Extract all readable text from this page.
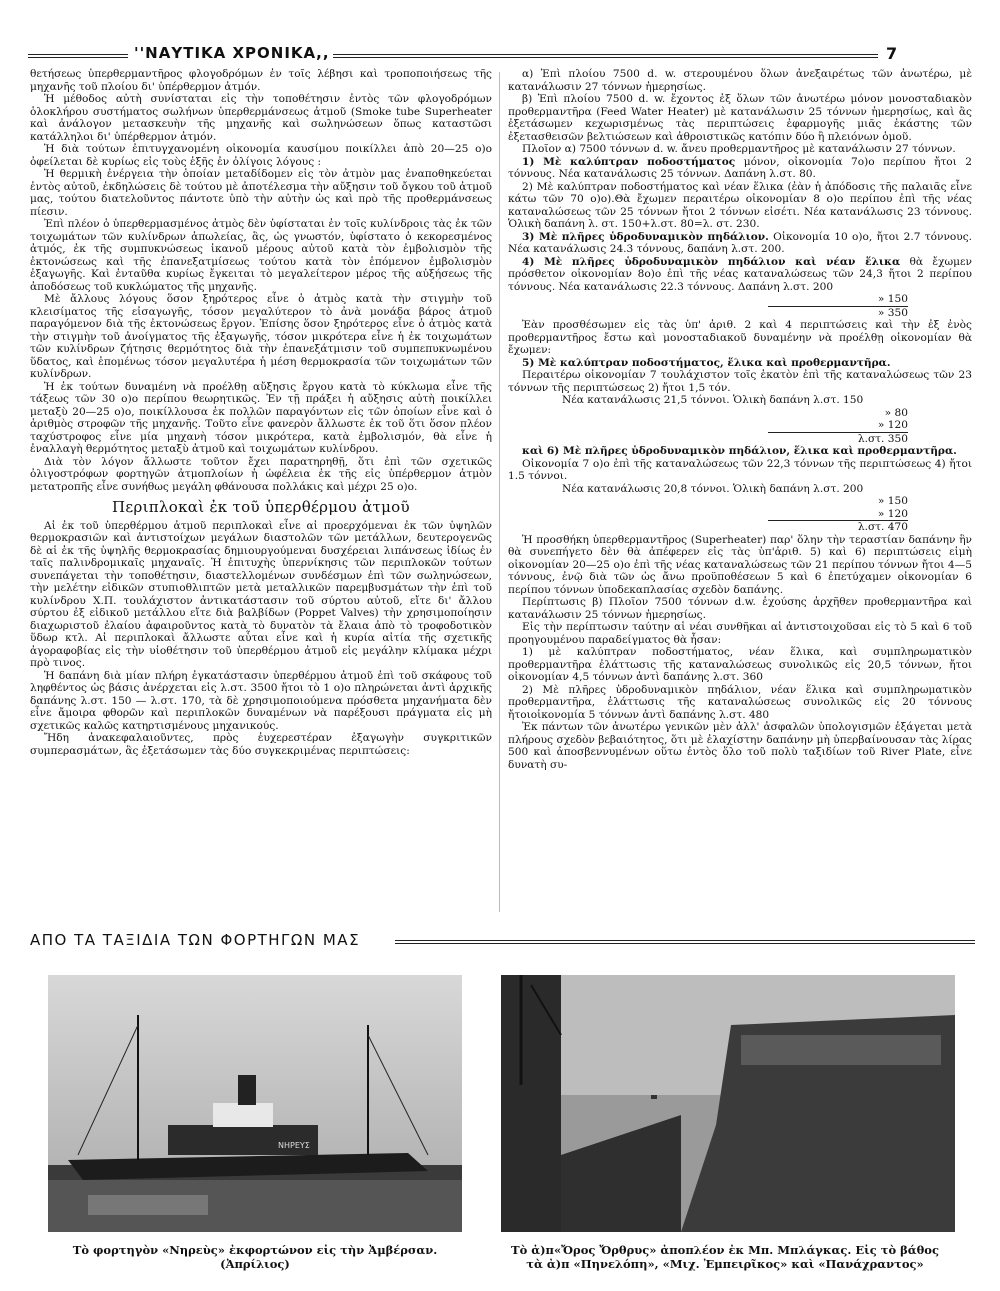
''ΝΑΥΤΙΚΑ ΧΡΟΝΙΚΑ,,	7

θετήσεως ὑπερθερμαντῆρος φλογοδρόμων ἐν τοῖς λέβησι καὶ τροποποιήσεως τῆς μηχανῆς τοῦ πλοίου δι' ὑπέρθερμον ἀτμόν.

Ἡ μέθοδος αὐτὴ συνίσταται εἰς τὴν τοποθέτησιν ἐντὸς τῶν φλογοδρόμων ὁλοκλήρου συστήματος σωλήνων ὑπερθερμάνσεως ἀτμοῦ (Smoke tube Superheater καὶ ἀνάλογον μετασκευὴν τῆς μηχανῆς καὶ σωληνώσεων ὅπως καταστῶσι κατάλληλοι δι' ὑπέρθερμον ἀτμόν.

Ἡ διὰ τούτων ἐπιτυγχανομένη οἰκονομία καυσίμου ποικίλλει ἀπὸ 20—25 ο)ο ὀφείλεται δὲ κυρίως εἰς τοὺς ἑξῆς ἐν ὀλίγοις λόγους :

Ἡ θερμικὴ ἐνέργεια τὴν ὁποίαν μεταδίδομεν εἰς τὸν ἀτμὸν μας ἐναποθηκεύεται ἐντὸς αὐτοῦ, ἐκδηλώσεις δὲ τούτου μὲ ἀποτέλεσμα τὴν αὔξησιν τοῦ ὄγκου τοῦ ἀτμοῦ μας, τούτου διατελοῦντος πάντοτε ὑπὸ τὴν αὐτὴν ὡς καὶ πρὸ τῆς προθερμάνσεως πίεσιν.

Ἐπὶ πλέον ὁ ὑπερθερμασμένος ἀτμὸς δὲν ὑφίσταται ἐν τοῖς κυλίνδροις τὰς ἐκ τῶν τοιχωμάτων τῶν κυλίνδρων ἀπωλείας, ἃς, ὡς γνωστόν, ὑφίστατο ὁ κεκορεσμένος ἀτμός, ἐκ τῆς συμπυκνώσεως ἱκανοῦ μέρους αὐτοῦ κατὰ τὸν ἐμβολισμὸν τῆς ἐκτονώσεως καὶ τῆς ἐπανεξατμίσεως τούτου κατὰ τὸν ἑπόμενον ἐμβολισμὸν ἐξαγωγῆς. Καὶ ἐνταῦθα κυρίως ἔγκειται τὸ μεγαλείτερον μέρος τῆς αὐξήσεως τῆς ἀποδόσεως τοῦ κυκλώματος τῆς μηχανῆς.

Μὲ ἄλλους λόγους ὅσον ξηρότερος εἶνε ὁ ἀτμὸς κατὰ τὴν στιγμὴν τοῦ κλεισίματος τῆς εἰσαγωγῆς, τόσον μεγαλύτερον τὸ ἀνὰ μονάδα βάρος ἀτμοῦ παραγόμενον διὰ τῆς ἐκτονώσεως ἔργον. Ἐπίσης ὅσον ξηρότερος εἶνε ὁ ἀτμὸς κατὰ τὴν στιγμὴν τοῦ ἀνοίγματος τῆς ἐξαγωγῆς, τόσον μικρότερα εἶνε ἡ ἐκ τοιχωμάτων τῶν κυλίνδρων ζήτησις θερμότητος διὰ τὴν ἐπανεξάτμισιν τοῦ συμπεπυκνωμένου ὕδατος, καὶ ἑπομένως τόσον μεγαλυτέρα ἡ μέση θερμοκρασία τῶν τοιχωμάτων τῶν κυλίνδρων.

Ἡ ἐκ τούτων δυναμένη νὰ προέλθῃ αὔξησις ἔργου κατὰ τὸ κύκλωμα εἶνε τῆς τάξεως τῶν 30 ο)ο περίπου θεωρητικῶς. Ἐν τῇ πράξει ἡ αὔξησις αὐτὴ ποικίλλει μεταξὺ 20—25 ο)ο, ποικίλλουσα ἐκ πολλῶν παραγόντων εἰς τῶν ὁποίων εἶνε καὶ ὁ ἀριθμὸς στροφῶν τῆς μηχανῆς. Τοῦτο εἶνε φανερὸν ἄλλωστε ἐκ τοῦ ὅτι ὅσον πλέον ταχύστροφος εἶνε μία μηχανὴ τόσον μικρότερα, κατὰ ἐμβολισμόν, θὰ εἶνε ἡ ἐναλλαγὴ θερμότητος μεταξὺ ἀτμοῦ καὶ τοιχωμάτων κυλίνδρου.

Διὰ τὸν λόγον ἄλλωστε τοῦτον ἔχει παρατηρηθῇ, ὅτι ἐπὶ τῶν σχετικῶς ὀλιγοστρόφων φορτηγῶν ἀτμοπλοίων ἡ ὠφέλεια ἐκ τῆς εἰς ὑπέρθερμον ἀτμὸν μετατροπῆς εἶνε συνήθως μεγάλη φθάνουσα πολλάκις καὶ μέχρι 25 ο)ο.

Περιπλοκαὶ ἐκ τοῦ ὑπερθέρμου ἀτμοῦ

Αἱ ἐκ τοῦ ὑπερθέρμου ἀτμοῦ περιπλοκαὶ εἶνε αἱ προερχόμεναι ἐκ τῶν ὑψηλῶν θερμοκρασιῶν καὶ ἀντιστοίχων μεγάλων διαστολῶν τῶν μετάλλων, δευτερογενῶς δὲ αἱ ἐκ τῆς ὑψηλῆς θερμοκρασίας δημιουργούμεναι δυσχέρειαι λιπάνσεως ἰδίως ἐν ταῖς παλινδρομικαῖς μηχαναῖς. Ἡ ἐπιτυχὴς ὑπερνίκησις τῶν περιπλοκῶν τούτων συνεπάγεται τὴν τοποθέτησιν, διαστελλομένων συνδέσμων ἐπὶ τῶν σωληνώσεων, τὴν μελέτην εἰδικῶν στυπιοθλιπτῶν μετὰ μεταλλικῶν παρεμβυσμάτων τὴν ἐπὶ τοῦ κυλίνδρου Χ.Π. τουλάχιστον ἀντικατάστασιν τοῦ σύρτου αὐτοῦ, εἴτε δι' ἄλλου σύρτου ἐξ εἰδικοῦ μετάλλου εἴτε διὰ βαλβίδων (Poppet Valves) τὴν χρησιμοποίησιν διαχωριστοῦ ἐλαίου ἀφαιροῦντος κατὰ τὸ δυνατὸν τὰ ἔλαια ἀπὸ τὸ τροφοδοτικὸν ὕδωρ κτλ. Αἱ περιπλοκαὶ ἄλλωστε αὗται εἶνε καὶ ἡ κυρία αἰτία τῆς σχετικῆς ἀγοραφοβίας εἰς τὴν υἱοθέτησιν τοῦ ὑπερθέρμου ἀτμοῦ εἰς μεγάλην κλίμακα μέχρι πρὸ τινος.

Ἡ δαπάνη διὰ μίαν πλήρη ἐγκατάστασιν ὑπερθέρμου ἀτμοῦ ἐπὶ τοῦ σκάφους τοῦ ληφθέντος ὡς βάσις ἀνέρχεται εἰς λ.στ. 3500 ἤτοι τὸ 1 ο)ο πληρώνεται ἀντὶ ἀρχικῆς δαπάνης λ.στ. 150 — λ.στ. 170, τὰ δὲ χρησιμοποιούμενα πρόσθετα μηχανήματα δὲν εἶνε ἄμοιρα φθορῶν καὶ περιπλοκῶν δυναμένων νὰ παρέξουσι πράγματα εἰς μὴ σχετικῶς καλῶς κατηρτισμένους μηχανικούς.

Ἤδη ἀνακεφαλαιοῦντες, πρὸς ἐυχερεστέραν ἐξαγωγὴν συγκριτικῶν συμπερασμάτων, ἂς ἐξετάσωμεν τὰς δύο συγκεκριμένας περιπτώσεις:

α) Ἐπὶ πλοίου 7500 d. w. στερουμένου ὅλων ἀνεξαιρέτως τῶν ἀνωτέρω, μὲ κατανάλωσιν 27 τόννων ἡμερησίως.

β) Ἐπὶ πλοίου 7500 d. w. ἔχοντος ἐξ ὅλων τῶν ἀνωτέρω μόνον μονοσταδιακὸν προθερμαντῆρα (Feed Water Heater) μὲ κατανάλωσιν 25 τόννων ἡμερησίως, καὶ ἂς ἐξετάσωμεν κεχωρισμένως τὰς περιπτώσεις ἐφαρμογῆς μιᾶς ἑκάστης τῶν ἐξετασθεισῶν βελτιώσεων καὶ ἀθροιστικῶς κατόπιν δύο ἢ πλειόνων ὁμοῦ.

Πλοῖον α) 7500 τόννων d. w. ἄνευ προθερμαντῆρος μὲ κατανάλωσιν 27 τόννων.

1) Μὲ καλύπτραν ποδοστήματος μόνον, οἰκονομία 7ο)ο περίπου ἤτοι 2 τόννους. Νέα κατανάλωσις 25 τόννων. Δαπάνη λ.στ. 80.

2) Μὲ καλύπτραν ποδοστήματος καὶ νέαν ἕλικα (ἐὰν ἡ ἀπόδοσις τῆς παλαιᾶς εἶνε κάτω τῶν 70 ο)ο).Θὰ ἔχωμεν περαιτέρω οἰκονομίαν 8 ο)ο περίπου ἐπὶ τῆς νέας καταναλώσεως τῶν 25 τόννων ἤτοι 2 τόννων εἰσέτι. Νέα κατανάλωσις 23 τόννους. Ὁλικὴ δαπάνη λ. στ. 150+λ.στ. 80=λ. στ. 230.

3) Μὲ πλῆρες ὑδροδυναμικὸν πηδάλιον. Οἰκονομία 10 ο)ο, ἤτοι 2.7 τόννους. Νέα κατανάλωσις 24.3 τόννους, δαπάνη λ.στ. 200.

4) Μὲ πλῆρες ὑδροδυναμικὸν πηδάλιον καὶ νέαν ἕλικα θὰ ἔχωμεν πρόσθετον οἰκονομίαν 8ο)ο ἐπὶ τῆς νέας καταναλώσεως τῶν 24,3 ἤτοι 2 περίπου τόννους. Νέα κατανάλωσις 22.3 τόννους. Δαπάνη λ.στ. 200

» 150
» 350

Ἐὰν προσθέσωμεν εἰς τὰς ὑπ' ἀριθ. 2 καὶ 4 περιπτώσεις καὶ τὴν ἐξ ἐνὸς προθερμαντῆρος ἔστω καὶ μονοσταδιακοῦ δυναμένην νὰ προέλθῃ οἰκονομίαν θὰ ἔχωμεν:

5) Μὲ καλύπτραν ποδοστήματος, ἕλικα καὶ προθερμαντῆρα.

Περαιτέρω οἰκονομίαν 7 τουλάχιστον τοῖς ἑκατὸν ἐπὶ τῆς καταναλώσεως τῶν 23 τόννων τῆς περιπτώσεως 2) ἤτοι 1,5 τόν.

Νέα κατανάλωσις 21,5 τόννοι. Ὁλικὴ δαπάνη λ.στ. 150

» 80
» 120
λ.στ. 350

καὶ 6) Μὲ πλῆρες ὑδροδυναμικὸν πηδάλιον, ἕλικα καὶ προθερμαντῆρα.

Οἰκονομία 7 ο)ο ἐπὶ τῆς καταναλώσεως τῶν 22,3 τόννων τῆς περιπτώσεως 4) ἤτοι 1.5 τόννοι.

Νέα κατανάλωσις 20,8 τόννοι. Ὁλικὴ δαπάνη λ.στ. 200

» 150
» 120
λ.στ. 470

Ἡ προσθήκη ὑπερθερμαντῆρος (Superheater) παρ' ὅλην τὴν τεραστίαν δαπάνην ἣν θὰ συνεπήγετο δὲν θὰ ἀπέφερεν εἰς τὰς ὑπ'ἀριθ. 5) καὶ 6) περιπτώσεις εἰμὴ οἰκονομίαν 20—25 ο)ο ἐπὶ τῆς νέας καταναλώσεως τῶν 21 περίπου τόννων ἤτοι 4—5 τόννους, ἐνῷ διὰ τῶν ὡς ἄνω προϋποθέσεων 5 καὶ 6 ἐπετύχαμεν οἰκονομίαν 6 περίπου τόννων ὑποδεκαπλασίας σχεδὸν δαπάνης.

Περίπτωσις β) Πλοῖον 7500 τόννων d.w. ἐχούσης ἀρχῆθεν προθερμαντῆρα καὶ κατανάλωσιν 25 τόννων ἡμερησίως.

Εἰς τὴν περίπτωσιν ταύτην αἱ νέαι συνθῆκαι αἱ ἀντιστοιχοῦσαι εἰς τὸ 5 καὶ 6 τοῦ προηγουμένου παραδείγματος θὰ ἦσαν:

1) μὲ καλύπτραν ποδοστήματος, νέαν ἕλικα, καὶ συμπληρωματικὸν προθερμαντῆρα ἐλάττωσις τῆς καταναλώσεως συνολικῶς εἰς 20,5 τόννων, ἤτοι οἰκονομίαν 4,5 τόννων ἀντὶ δαπάνης λ.στ. 360

2) Μὲ πλῆρες ὑδροδυναμικὸν πηδάλιον, νέαν ἕλικα καὶ συμπληρωματικὸν προθερμαντῆρα, ἐλάττωσις τῆς καταναλώσεως συνολικῶς εἰς 20 τόννους ἤτοιοἰκονομία 5 τόννων ἀντὶ δαπάνης λ.στ. 480

Ἐκ πάντων τῶν ἀνωτέρω γενικῶν μὲν ἀλλ' ἀσφαλῶν ὑπολογισμῶν ἐξάγεται μετὰ πλήρους σχεδὸν βεβαιότητος, ὅτι μὲ ἐλαχίστην δαπάνην μὴ ὑπερβαίνουσαν τὰς λίρας 500 καὶ ἀποσβεννυμένων οὕτω ἐντὸς ὅλο τοῦ πολὺ ταξιδίων τοῦ River Plate, εἶνε δυνατὴ συ-

ΑΠΟ ΤΑ ΤΑΞΙΔΙΑ ΤΩΝ ΦΟΡΤΗΓΩΝ ΜΑΣ
ΝΗΡΕΥΣ
Τὸ φορτηγὸν «Νηρεὺς» ἐκφορτώνον εἰς τὴν Ἀμβέρσαν.
(Ἀπρίλιος)
Τὸ ἀ)π«Ὄρος Ὄρθρυς» ἀποπλέον ἐκ Μπ. Μπλάγκας. Εἰς τὸ βάθος
τὰ ἀ)π «Πηνελόπη», «Μιχ. Ἐμπειρῖκος» καὶ «Πανάχραντος»
